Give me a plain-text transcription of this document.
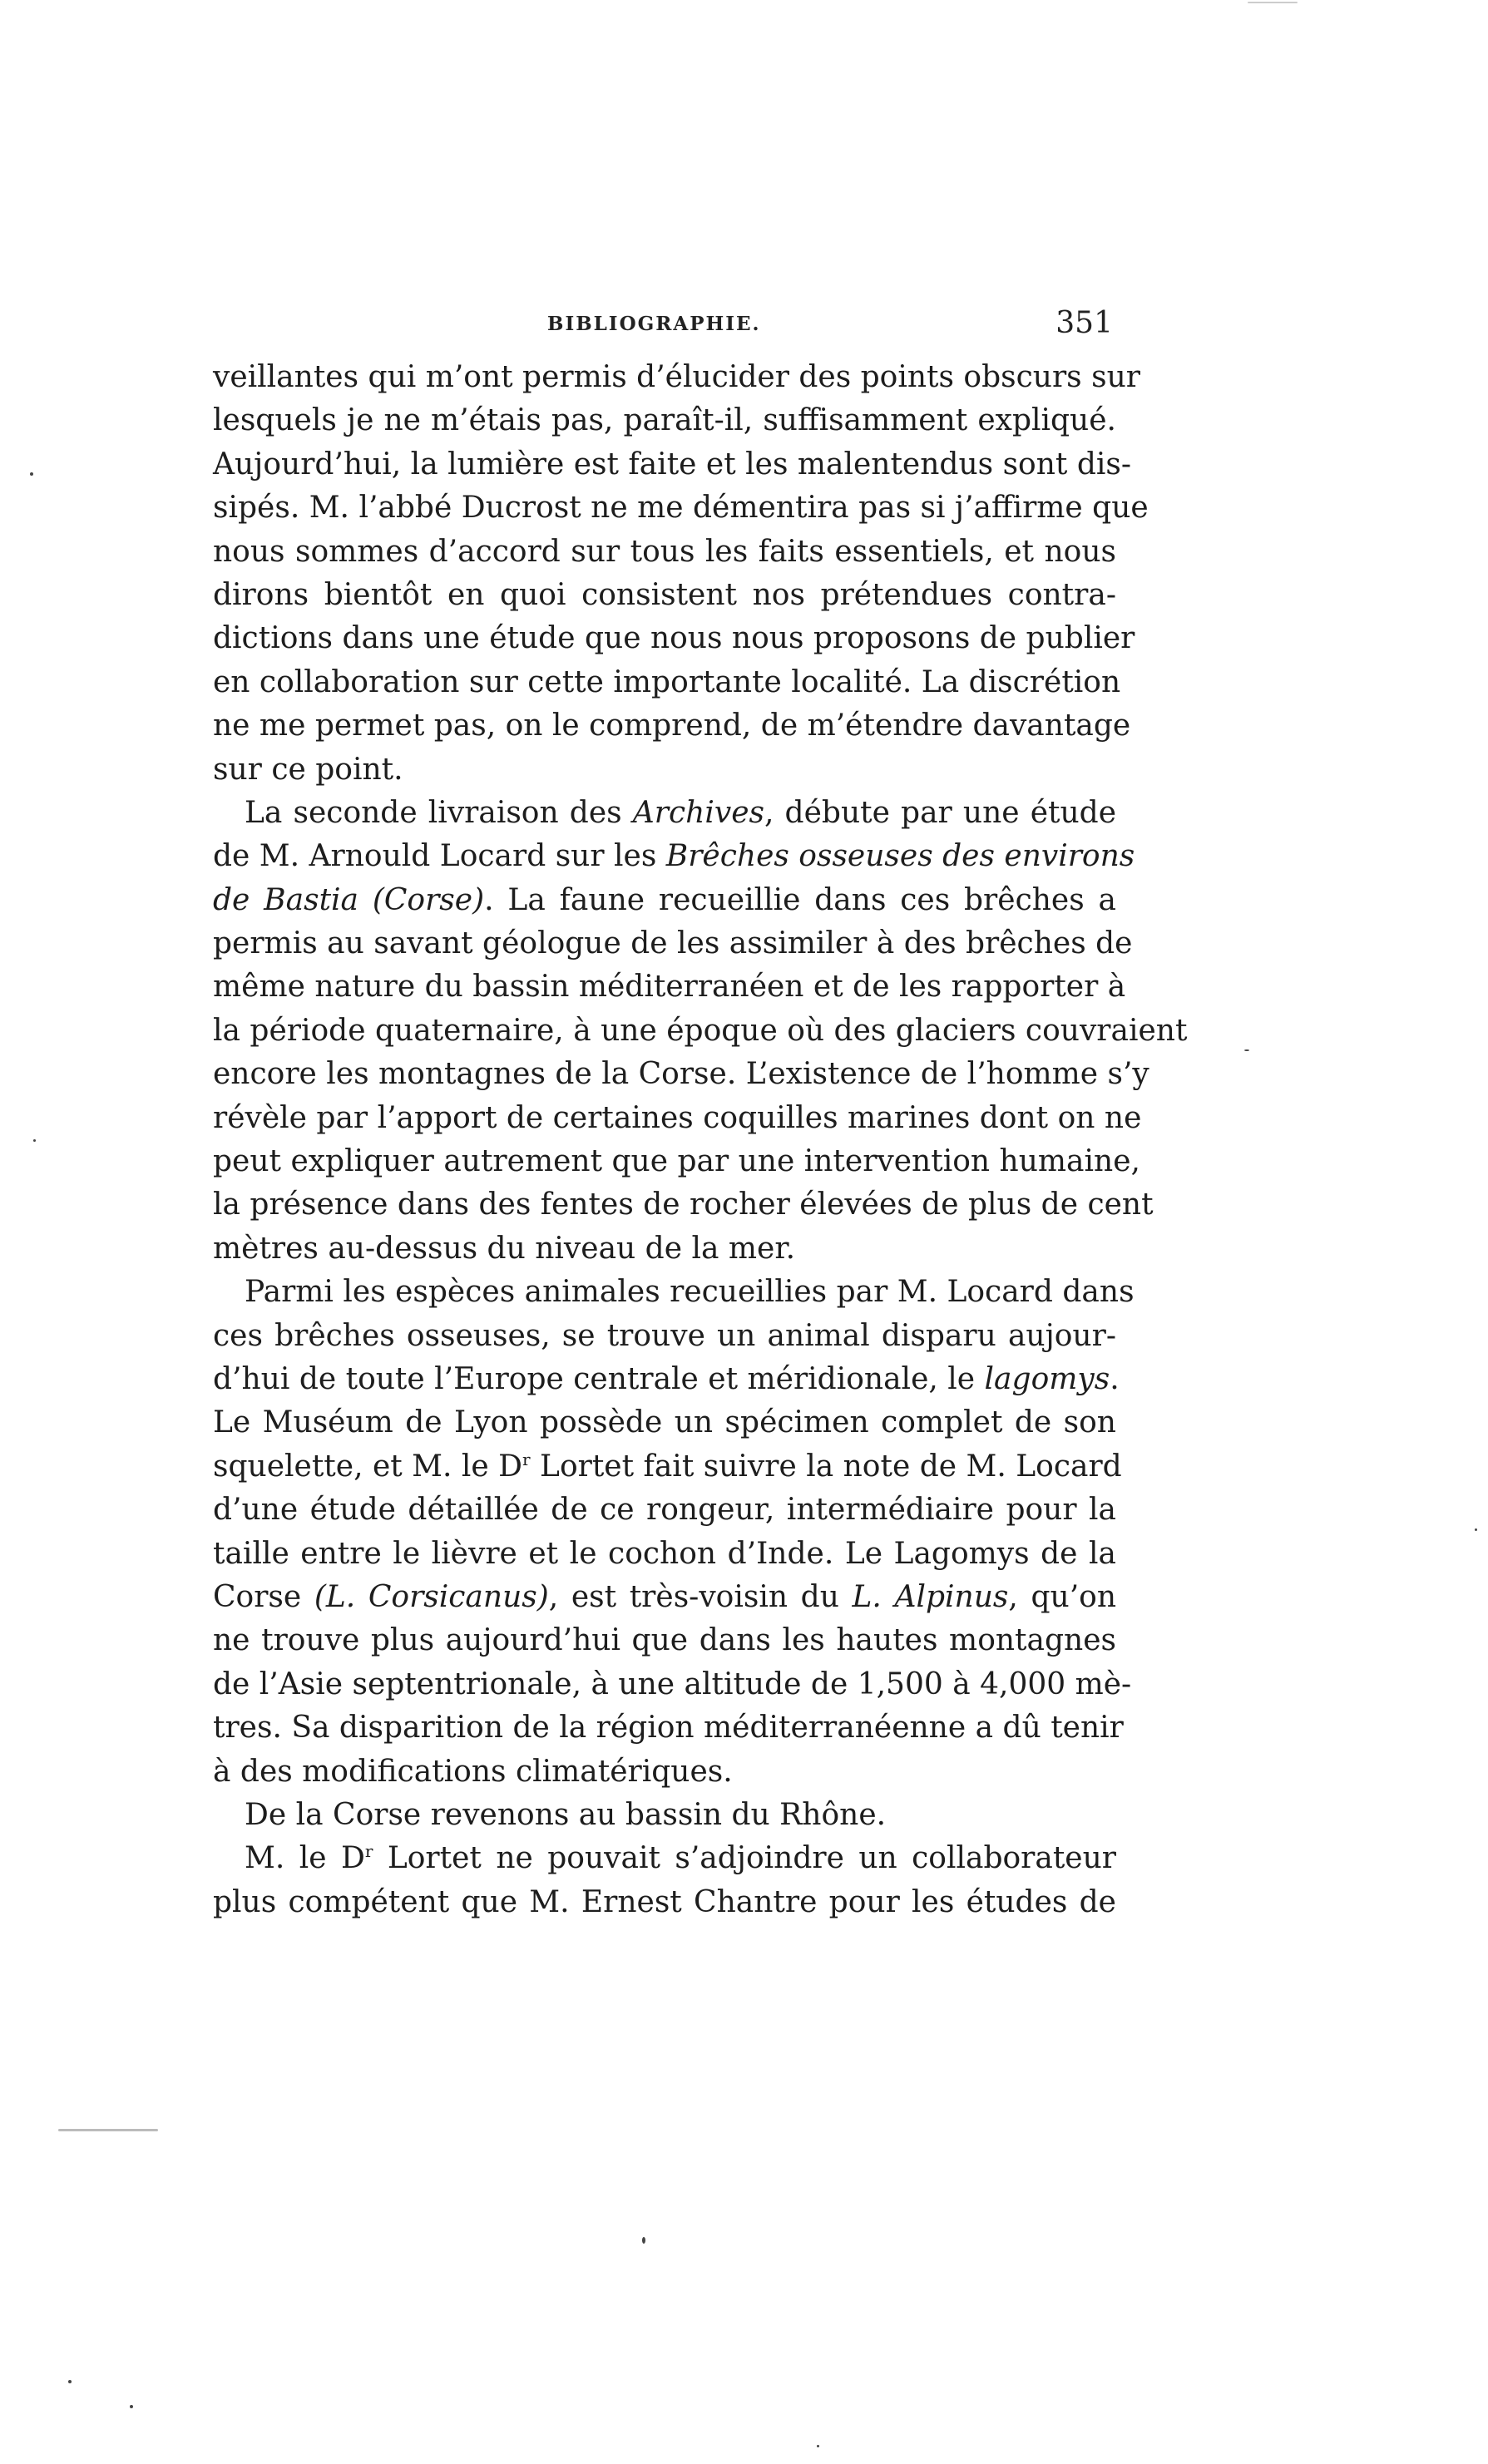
BIBLIOGRAPHIE.	351
veillantes qui m’ont permis d’élucider des points obscurs sur
lesquels je ne m’étais pas, paraît-il, suffisamment expliqué.
Aujourd’hui, la lumière est faite et les malentendus sont dis-
sipés. M. l’abbé Ducrost ne me démentira pas si j’affirme que
nous sommes d’accord sur tous les faits essentiels, et nous
dirons bientôt en quoi consistent nos prétendues contra-
dictions dans une étude que nous nous proposons de publier
en collaboration sur cette importante localité. La discrétion
ne me permet pas, on le comprend, de m’étendre davantage
sur ce point.
La seconde livraison des Archives, débute par une étude
de M. Arnould Locard sur les Brêches osseuses des environs
de Bastia (Corse). La faune recueillie dans ces brêches a
permis au savant géologue de les assimiler à des brêches de
même nature du bassin méditerranéen et de les rapporter à
la période quaternaire, à une époque où des glaciers couvraient
encore les montagnes de la Corse. L’existence de l’homme s’y
révèle par l’apport de certaines coquilles marines dont on ne
peut expliquer autrement que par une intervention humaine,
la présence dans des fentes de rocher élevées de plus de cent
mètres au-dessus du niveau de la mer.
Parmi les espèces animales recueillies par M. Locard dans
ces brêches osseuses, se trouve un animal disparu aujour-
d’hui de toute l’Europe centrale et méridionale, le lagomys.
Le Muséum de Lyon possède un spécimen complet de son
squelette, et M. le $D^r$ Lortet fait suivre la note de M. Locard
d’une étude détaillée de ce rongeur, intermédiaire pour la
taille entre le lièvre et le cochon d’Inde. Le Lagomys de la
Corse (L. Corsicanus), est très-voisin du L. Alpinus, qu’on
ne trouve plus aujourd’hui que dans les hautes montagnes
de l’Asie septentrionale, à une altitude de 1,500 à 4,000 mè-
tres. Sa disparition de la région méditerranéenne a dû tenir
à des modifications climatériques.
De la Corse revenons au bassin du Rhône.
M. le $D^r$ Lortet ne pouvait s’adjoindre un collaborateur
plus compétent que M. Ernest Chantre pour les études de
